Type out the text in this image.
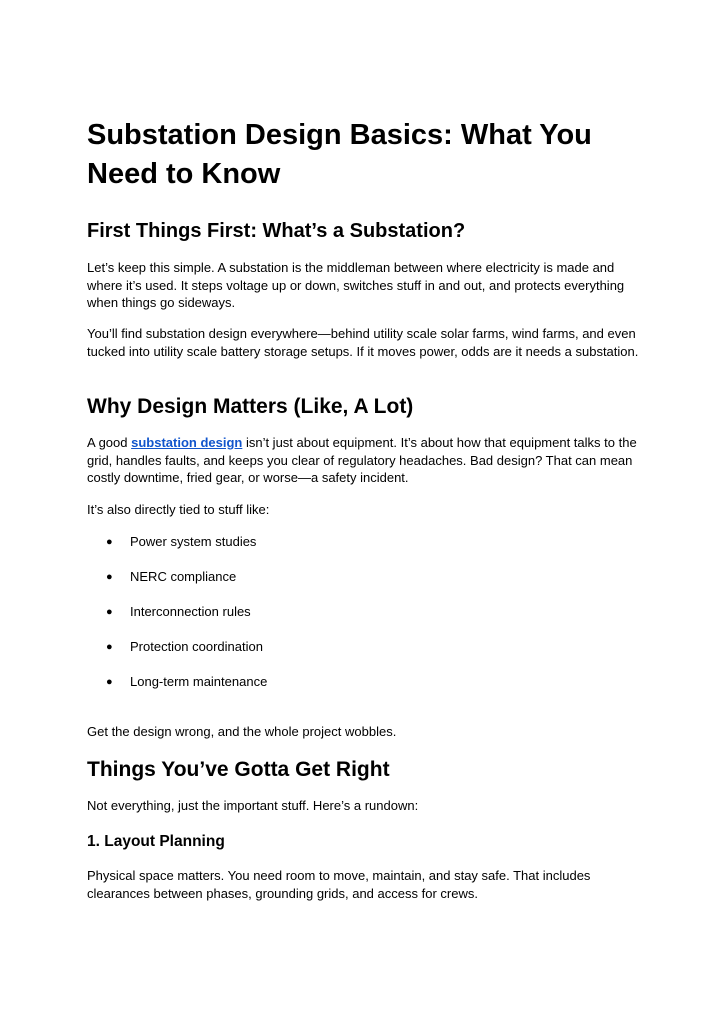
Substation Design Basics: What You Need to Know
First Things First: What’s a Substation?

Let’s keep this simple. A substation is the middleman between where electricity is made and where it’s used. It steps voltage up or down, switches stuff in and out, and protects everything when things go sideways.

You’ll find substation design everywhere—behind utility scale solar farms, wind farms, and even tucked into utility scale battery storage setups. If it moves power, odds are it needs a substation.

Why Design Matters (Like, A Lot)

A good substation design isn’t just about equipment. It’s about how that equipment talks to the grid, handles faults, and keeps you clear of regulatory headaches. Bad design? That can mean costly downtime, fried gear, or worse—a safety incident.

It’s also directly tied to stuff like:

● Power system studies
● NERC compliance
● Interconnection rules
● Protection coordination
● Long-term maintenance

Get the design wrong, and the whole project wobbles.

Things You’ve Gotta Get Right

Not everything, just the important stuff. Here’s a rundown:

1. Layout Planning

Physical space matters. You need room to move, maintain, and stay safe. That includes clearances between phases, grounding grids, and access for crews.
